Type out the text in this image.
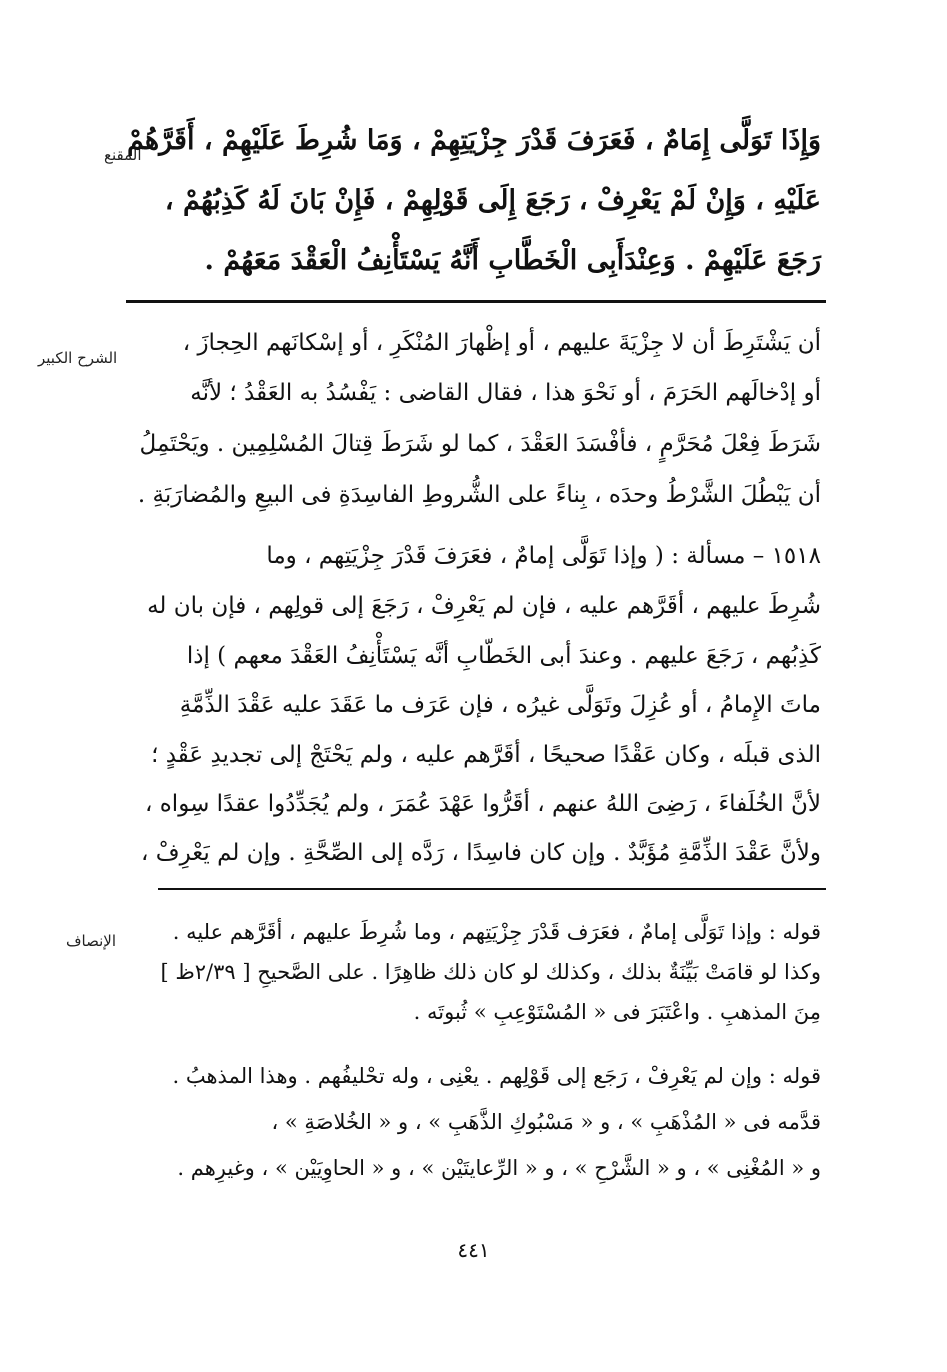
المقنع
وَإِذَا تَوَلَّى إِمَامٌ ، فَعَرَفَ قَدْرَ جِزْيَتِهِمْ ، وَمَا شُرِطَ عَلَيْهِمْ ، أَقَرَّهُمْ
عَلَيْهِ ، وَإِنْ لَمْ يَعْرِفْ ، رَجَعَ إِلَى قَوْلِهِمْ ، فَإِنْ بَانَ لَهُ كَذِبُهُمْ ،
رَجَعَ عَلَيْهِمْ . وَعِنْدَأَبِى الْخَطَّابِ أَنَّهُ يَسْتَأْنِفُ الْعَقْدَ مَعَهُمْ .
الشرح الكبير
أن يَشْتَرِطَ أن لا جِزْيَةَ عليهم ، أو إظْهارَ المُنْكَرِ ، أو إسْكانَهم الحِجازَ ،
أو إدْخالَهم الحَرَمَ ، أو نَحْوَ هذا ، فقال القاضى : يَفْسُدُ به العَقْدُ ؛ لأنَّه
شَرَطَ فِعْلَ مُحَرَّمٍ ، فأفْسَدَ العَقْدَ ، كما لو شَرَطَ قِتالَ المُسْلِمِين . ويَحْتَمِلُ
أن يَبْطُلَ الشَّرْطُ وحدَه ، بِناءً على الشُّروطِ الفاسِدَةِ فى البيعِ والمُضارَبَةِ .
١٥١٨ – مسألة : ( وإذا تَوَلَّى إمامٌ ، فعَرَفَ قَدْرَ جِزْيَتِهم ، وما
شُرِطَ عليهم ، أقَرَّهم عليه ، فإن لم يَعْرِفْ ، رَجَعَ إلى قولِهم ، فإن بان له
كَذِبُهم ، رَجَعَ عليهم . وعندَ أبى الخَطّابِ أنَّه يَسْتَأْنِفُ العَقْدَ معهم ) إذا
ماتَ الإِمامُ ، أو عُزِلَ وتَوَلَّى غيرُه ، فإن عَرَف ما عَقَدَ عليه عَقْدَ الذِّمَّةِ
الذى قبلَه ، وكان عَقْدًا صحيحًا ، أقَرَّهم عليه ، ولم يَحْتَجْ إلى تجديدِ عَقْدٍ ؛
لأنَّ الخُلَفاءَ ، رَضِىَ اللهُ عنهم ، أقَرُّوا عَهْدَ عُمَرَ ، ولم يُجَدِّدُوا عقدًا سِواه ،
ولأنَّ عَقْدَ الذِّمَّةِ مُؤَبَّدٌ . وإن كان فاسِدًا ، رَدَّه إلى الصِّحَّةِ . وإن لم يَعْرِفْ ،
الإنصاف	قوله : وإذا تَوَلَّى إمامٌ ، فعَرَف قَدْرَ جِزْيَتِهم ، وما شُرِطَ عليهم ، أقَرَّهم عليه .
وكذا لو قامَتْ بَيِّنَةٌ بذلك ، وكذلك لو كان ذلك ظاهِرًا . على الصَّحيحِ [ ٢/٣٩ظ ]
مِنَ المذهبِ . واعْتَبَرَ فى « المُسْتَوْعِبِ » ثُبوتَه .
قوله : وإن لم يَعْرِفْ ، رَجَع إلى قَوْلِهم . يعْنِى ، وله تحْليفُهم . وهذا المذهبُ .
قدَّمه فى « المُذْهَبِ » ، و « مَسْبُوكِ الذَّهَبِ » ، و « الخُلاصَةِ » ،
و « المُغْنِى » ، و « الشَّرْحِ » ، و « الرِّعايتَيْن » ، و « الحاوِيَيْن » ، وغيرِهم .
٤٤١
